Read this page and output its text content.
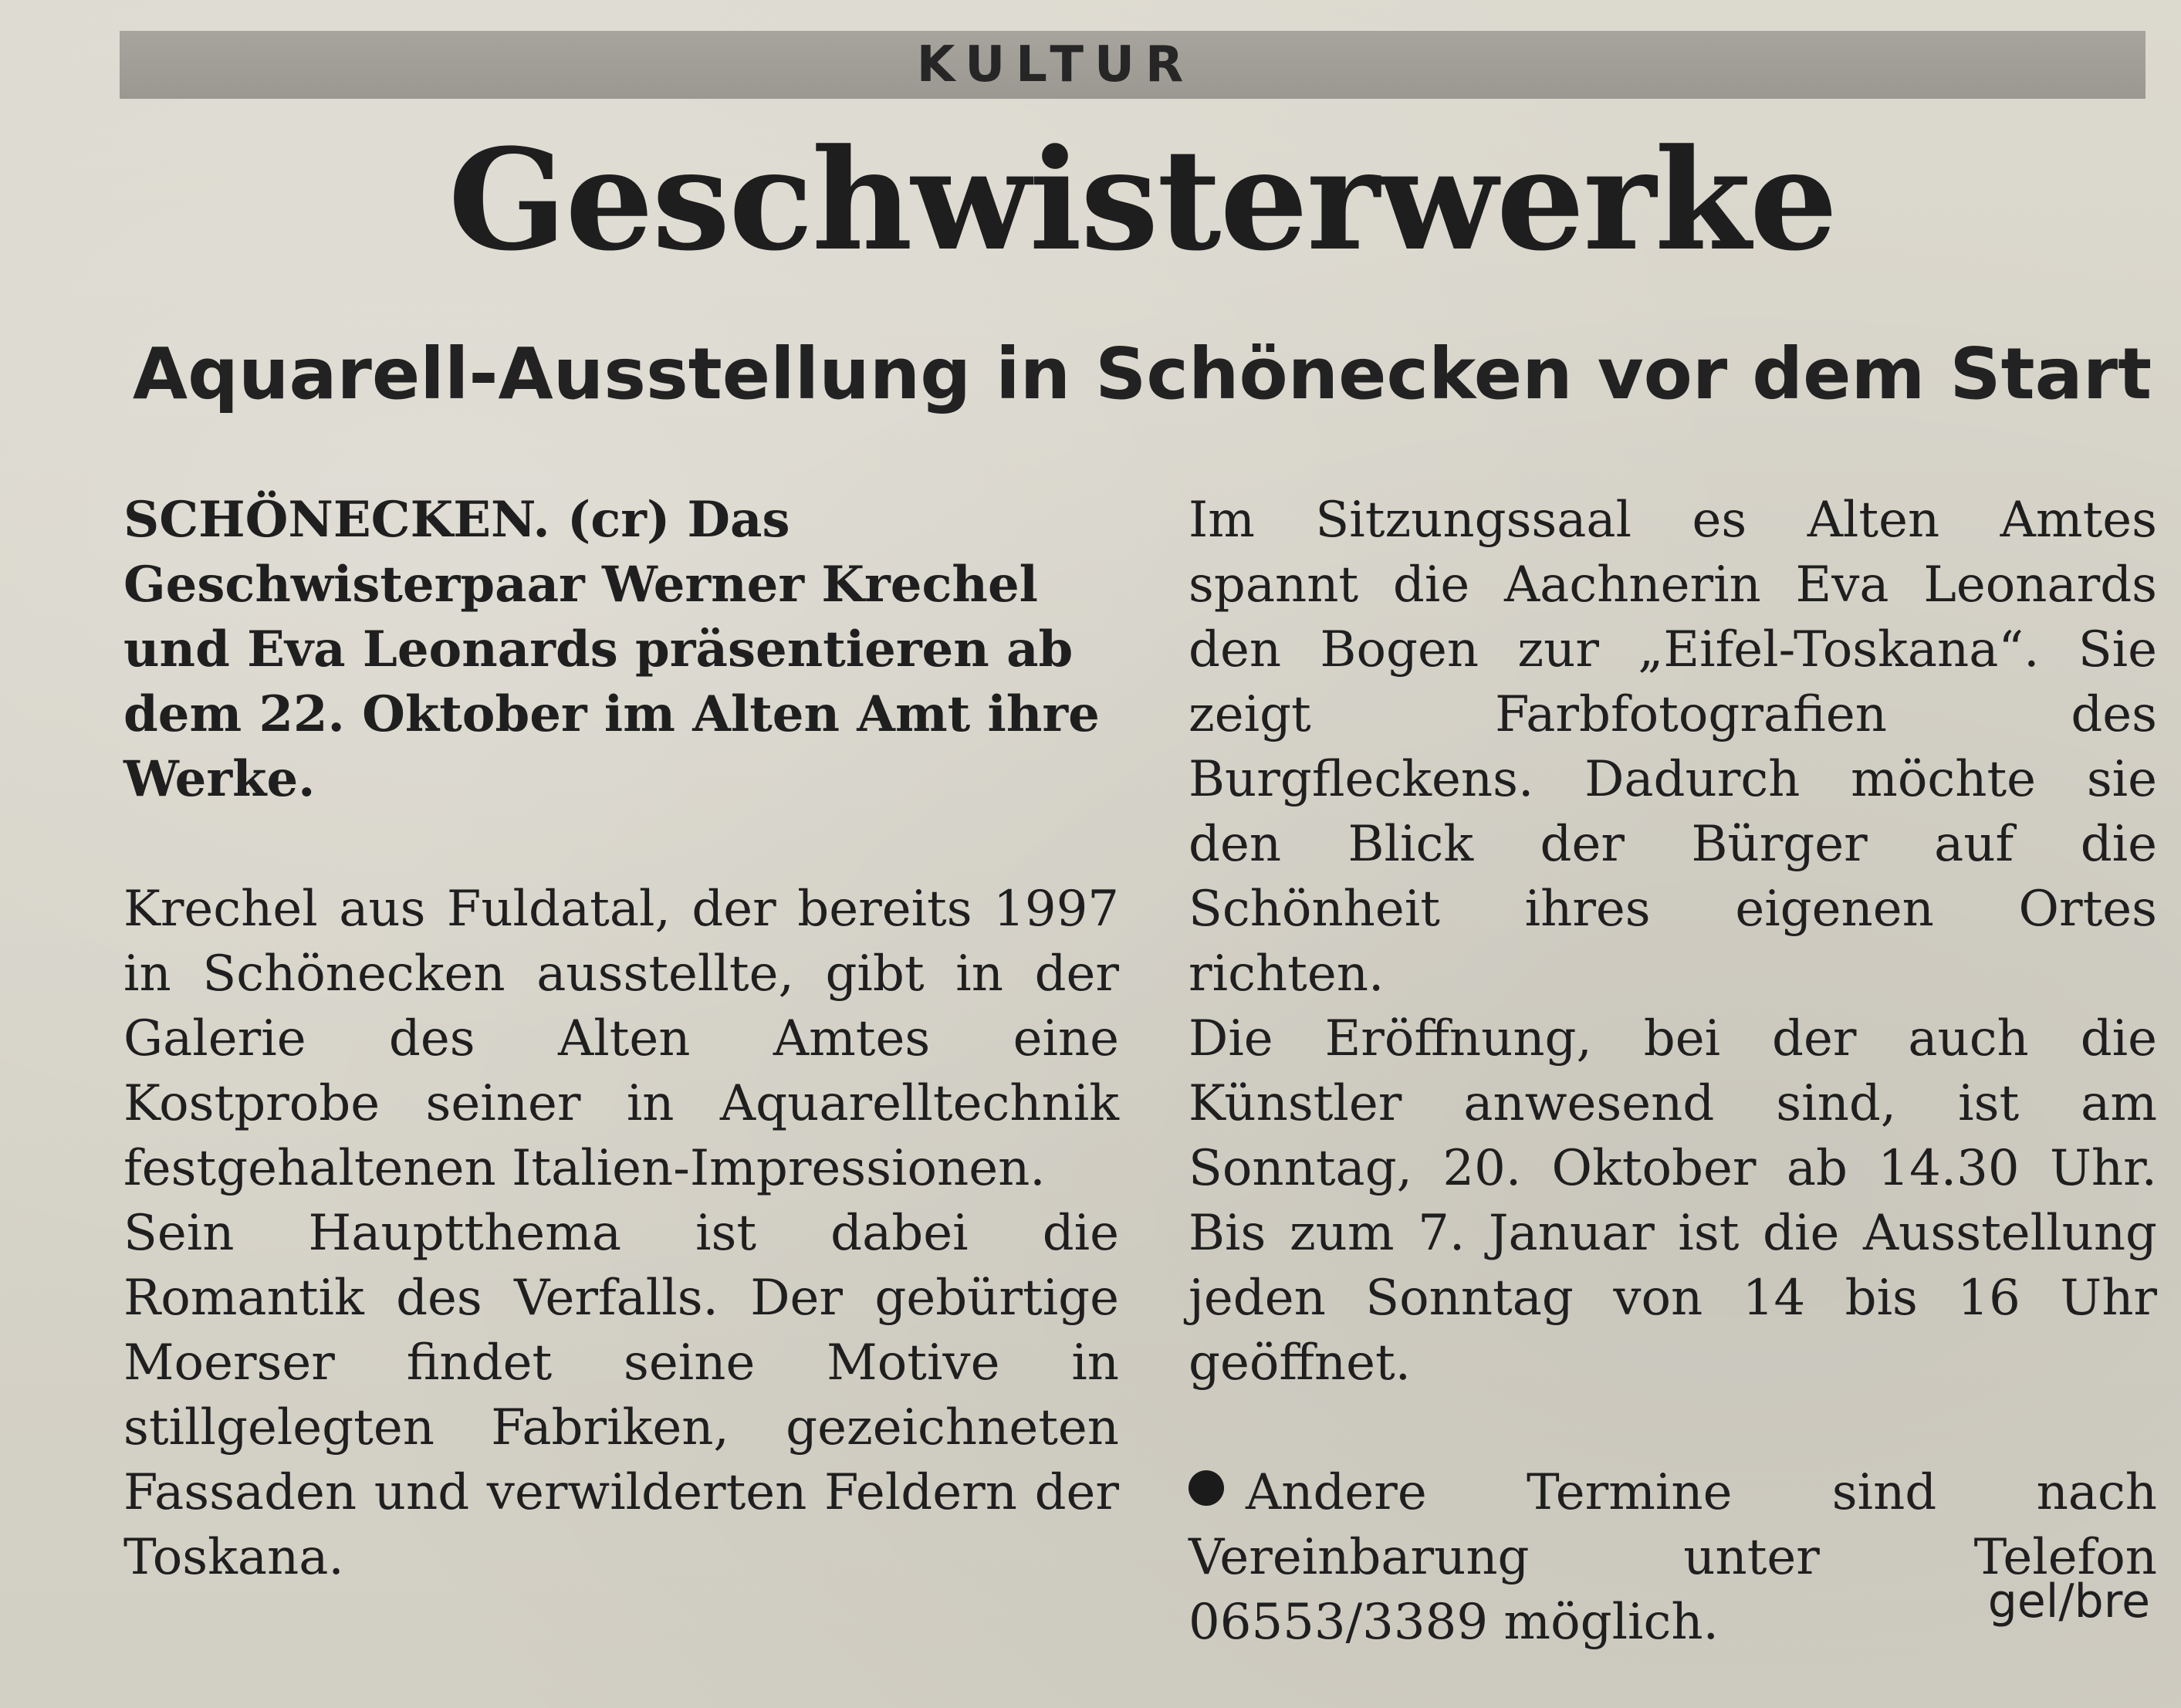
KULTUR
Geschwisterwerke
Aquarell-Ausstellung in Schönecken vor dem Start

SCHÖNECKEN. (cr) Das Geschwisterpaar Werner Krechel und Eva Leonards präsentieren ab dem 22. Oktober im Alten Amt ihre Werke.

Krechel aus Fuldatal, der bereits 1997 in Schönecken ausstellte, gibt in der Galerie des Alten Amtes eine Kostprobe seiner in Aquarelltechnik festgehaltenen Italien-Impressionen.

Sein Hauptthema ist dabei die Romantik des Verfalls. Der gebürtige Moerser findet seine Motive in stillgelegten Fabriken, gezeichneten Fassaden und verwilderten Feldern der Toskana.

Im Sitzungssaal es Alten Amtes spannt die Aachnerin Eva Leonards den Bogen zur „Eifel-Toskana“. Sie zeigt Farbfotografien des Burgfleckens. Dadurch möchte sie den Blick der Bürger auf die Schönheit ihres eigenen Ortes richten.

Die Eröffnung, bei der auch die Künstler anwesend sind, ist am Sonntag, 20. Oktober ab 14.30 Uhr. Bis zum 7. Januar ist die Ausstellung jeden Sonntag von 14 bis 16 Uhr geöffnet.

Andere Termine sind nach Vereinbarung unter Telefon 06553/3389 möglich.	gel/bre
